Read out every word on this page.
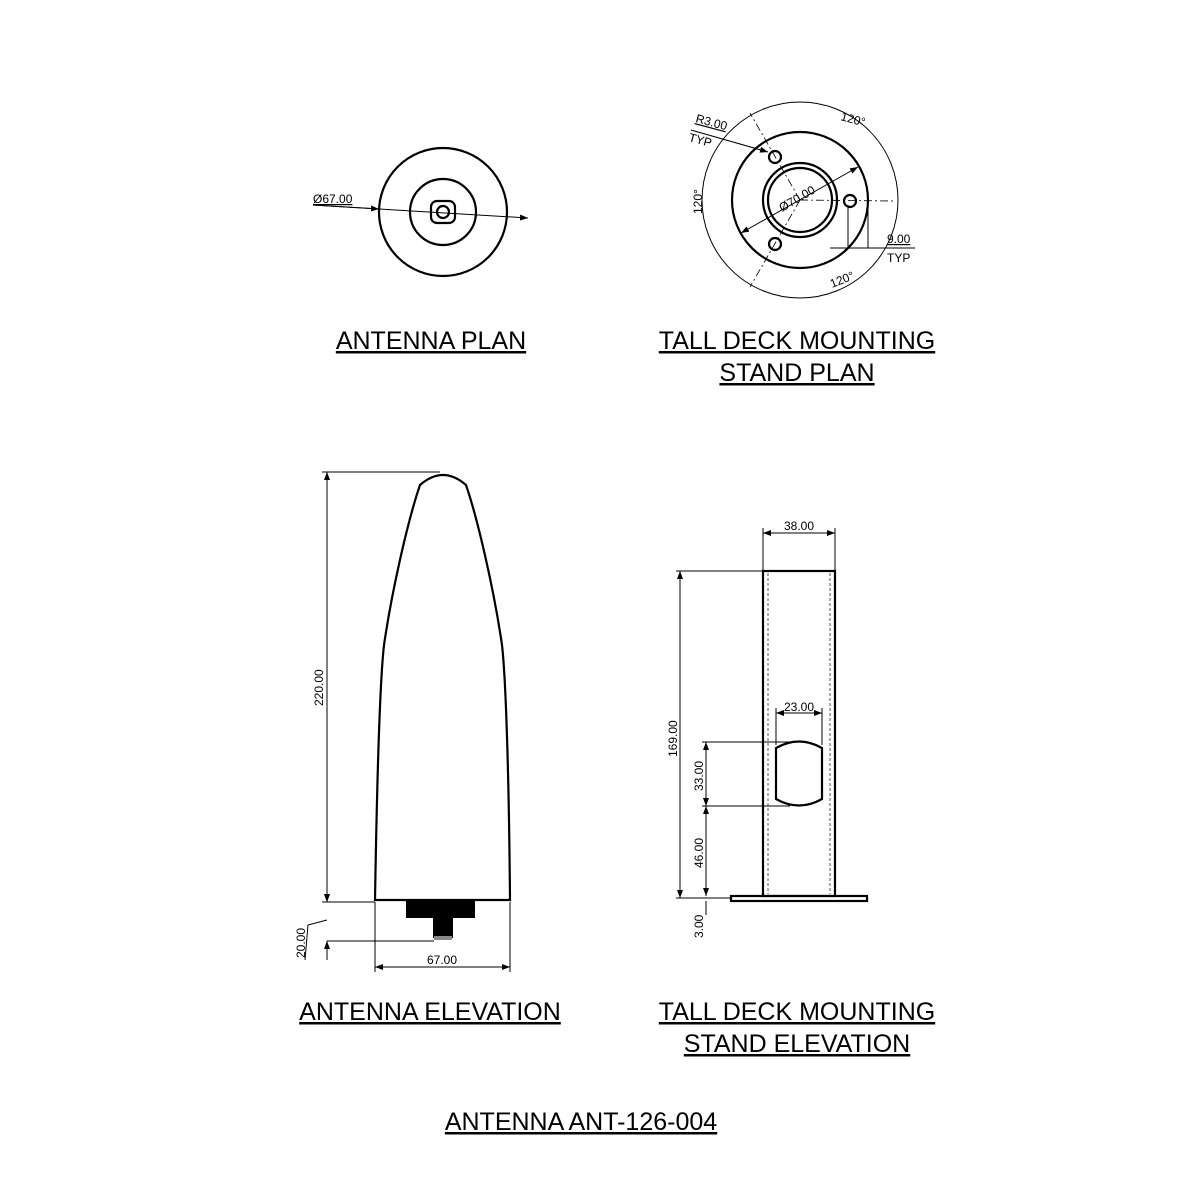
Ø67.00
ANTENNA PLAN
120°
120°
120°
R3.00
TYP
9.00
TYP
Ø70.00
TALL DECK MOUNTING
STAND PLAN
220.00
20.00
67.00
ANTENNA ELEVATION
38.00
169.00
33.00
46.00
3.00
23.00
TALL DECK MOUNTING
STAND ELEVATION
ANTENNA ANT-126-004
